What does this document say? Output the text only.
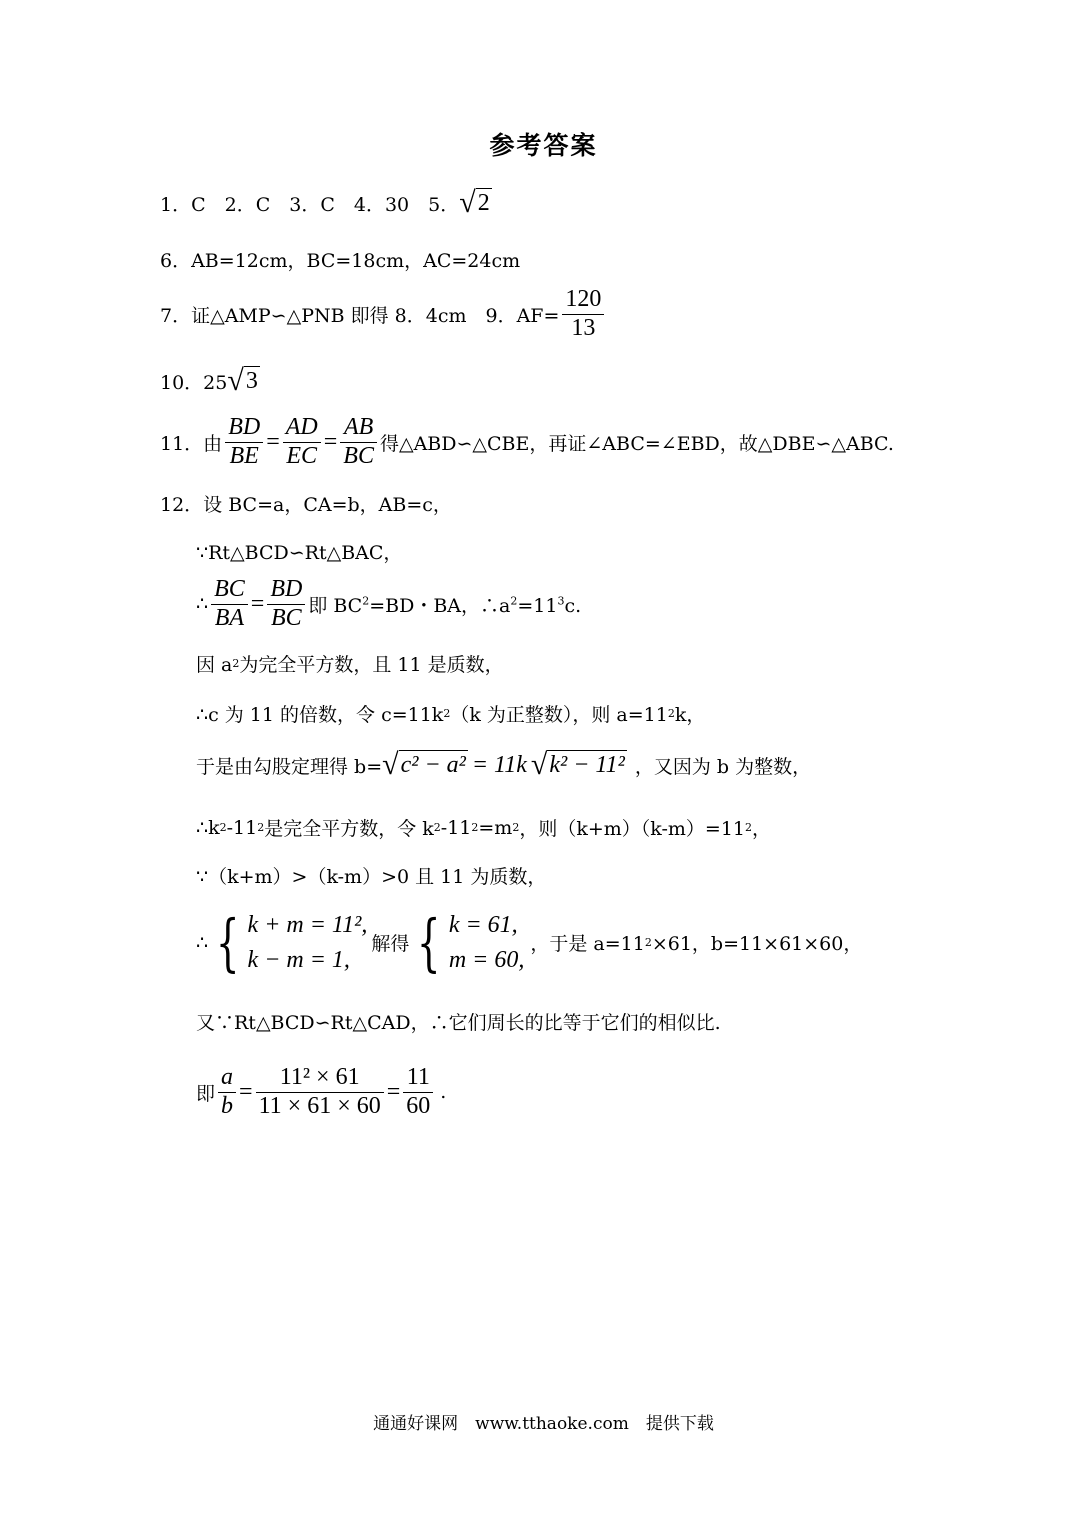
参考答案
1．C　2．C　3．C　4．30　5． √ 2
6．AB=12cm，BC=18cm，AC=24cm
7．证△AMP∽△PNB 即得 8．4cm　9．$AF= \frac{120}{13}$
10．25 √ 3
11．由 $\frac{BD}{BE} = \frac{AD}{EC} = \frac{AB}{BC}$ 得△ABD∽△CBE，再证∠ABC=∠EBD，故△DBE∽△ABC.
12．设 BC=a，CA=b，AB=c，
∵Rt△BCD∽Rt△BAC，
∴ $\frac{BC}{BA} = \frac{BD}{BC}$ 即 $BC^2=BD$・BA，$\therefore a^2=11^3c$.
因 a 2 为完全平方数，且 11 是质数，
∴c 为 11 的倍数，令 c=11k 2 （k 为正整数），则 a=11 2 k，
于是由勾股定理得 b= √ c² − a² = 11k √ k² − 11² ，又因为 b 为整数，
∴k 2 -11 2 是完全平方数，令 k 2 -11 2 =m 2 ，则（k+m）（k-m）=11 2 ，
∵（k+m）>（k-m）>0 且 11 为质数，
∴ { k + m = 11²,
k − m = 1,
解得 { k = 61,
m = 60,
，于是 a=11 2 ×61，b=11×61×60，
又∵Rt△BCD∽Rt△CAD，∴它们周长的比等于它们的相似比.
即 $\frac{a}{b} = \frac{\text{11² × 61}}{11 \times 61 \times 60} = \frac{11}{60}$ .
通通好课网　www.tthaoke.com　提供下载
